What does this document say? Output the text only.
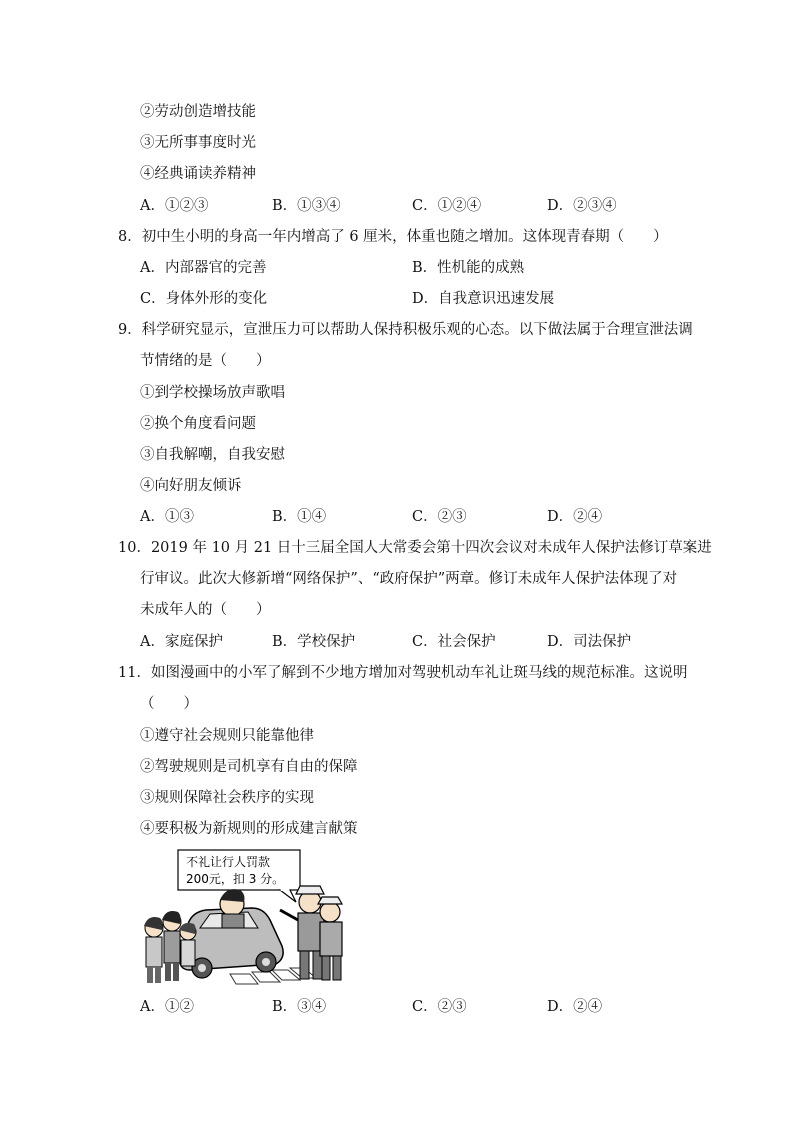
②劳动创造增技能
③无所事事度时光
④经典诵读养精神
A．①②③	B．①③④	C．①②④	D．②③④
8．初中生小明的身高一年内增高了 6 厘米，体重也随之增加。这体现青春期（　　）
A．内部器官的完善	B．性机能的成熟
C．身体外形的变化	D．自我意识迅速发展
9．科学研究显示，宣泄压力可以帮助人保持积极乐观的心态。以下做法属于合理宣泄法调
节情绪的是（　　）
①到学校操场放声歌唱
②换个角度看问题
③自我解嘲，自我安慰
④向好朋友倾诉
A．①③	B．①④	C．②③	D．②④
10．2019 年 10 月 21 日十三届全国人大常委会第十四次会议对未成年人保护法修订草案进
行审议。此次大修新增“网络保护”、“政府保护”两章。修订未成年人保护法体现了对
未成年人的（　　）
A．家庭保护	B．学校保护	C．社会保护	D．司法保护
11．如图漫画中的小军了解到不少地方增加对驾驶机动车礼让斑马线的规范标准。这说明
（　　）
①遵守社会规则只能靠他律
②驾驶规则是司机享有自由的保障
③规则保障社会秩序的实现
④要积极为新规则的形成建言献策
不礼让行人罚款
200元，扣 3 分。
A．①②	B．③④	C．②③	D．②④
